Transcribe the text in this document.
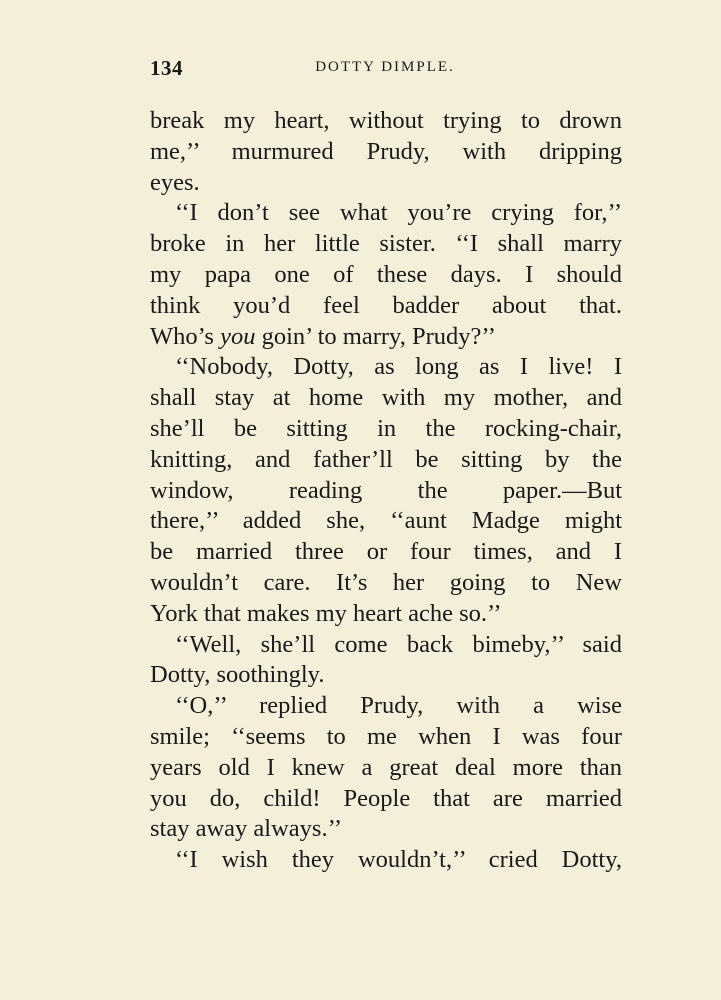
134	DOTTY DIMPLE.
break my heart, without trying to drown
me,’’ murmured Prudy, with dripping
eyes.
‘‘I don’t see what you’re crying for,’’
broke in her little sister. ‘‘I shall marry
my papa one of these days. I should
think you’d feel badder about that.
Who’s you goin’ to marry, Prudy?’’
‘‘Nobody, Dotty, as long as I live! I
shall stay at home with my mother, and
she’ll be sitting in the rocking-chair,
knitting, and father’ll be sitting by the
window, reading the paper.—But
there,’’ added she, ‘‘aunt Madge might
be married three or four times, and I
wouldn’t care. It’s her going to New
York that makes my heart ache so.’’
‘‘Well, she’ll come back bimeby,’’ said
Dotty, soothingly.
‘‘O,’’ replied Prudy, with a wise
smile; ‘‘seems to me when I was four
years old I knew a great deal more than
you do, child! People that are married
stay away always.’’
‘‘I wish they wouldn’t,’’ cried Dotty,
